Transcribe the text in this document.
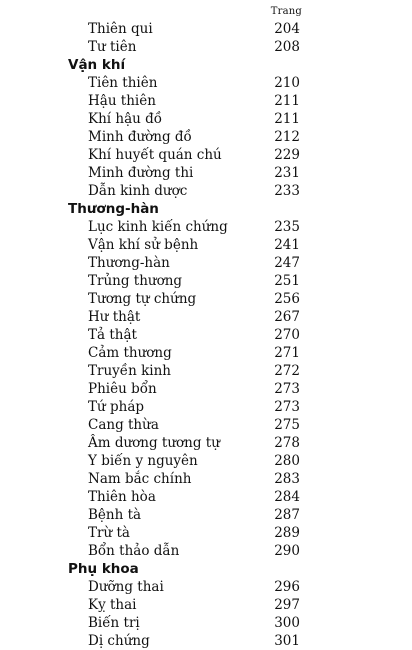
Trang
Thiên qui	204
Tư tiên	208
Vận khí
Tiên thiên	210
Hậu thiên	211
Khí hậu đồ	211
Minh đường đồ	212
Khí huyết quán chú	229
Minh đường thi	231
Dẫn kinh dược	233
Thương-hàn
Lục kinh kiến chứng	235
Vận khí sử bệnh	241
Thương-hàn	247
Trủng thương	251
Tương tự chứng	256
Hư thật	267
Tả thật	270
Cảm thương	271
Truyền kinh	272
Phiêu bổn	273
Tứ pháp	273
Cang thừa	275
Âm dương tương tự	278
Y biến y nguyên	280
Nam bắc chính	283
Thiên hòa	284
Bệnh tà	287
Trừ tà	289
Bổn thảo dẫn	290
Phụ khoa
Dưỡng thai	296
Kỵ thai	297
Biến trị	300
Dị chứng	301
